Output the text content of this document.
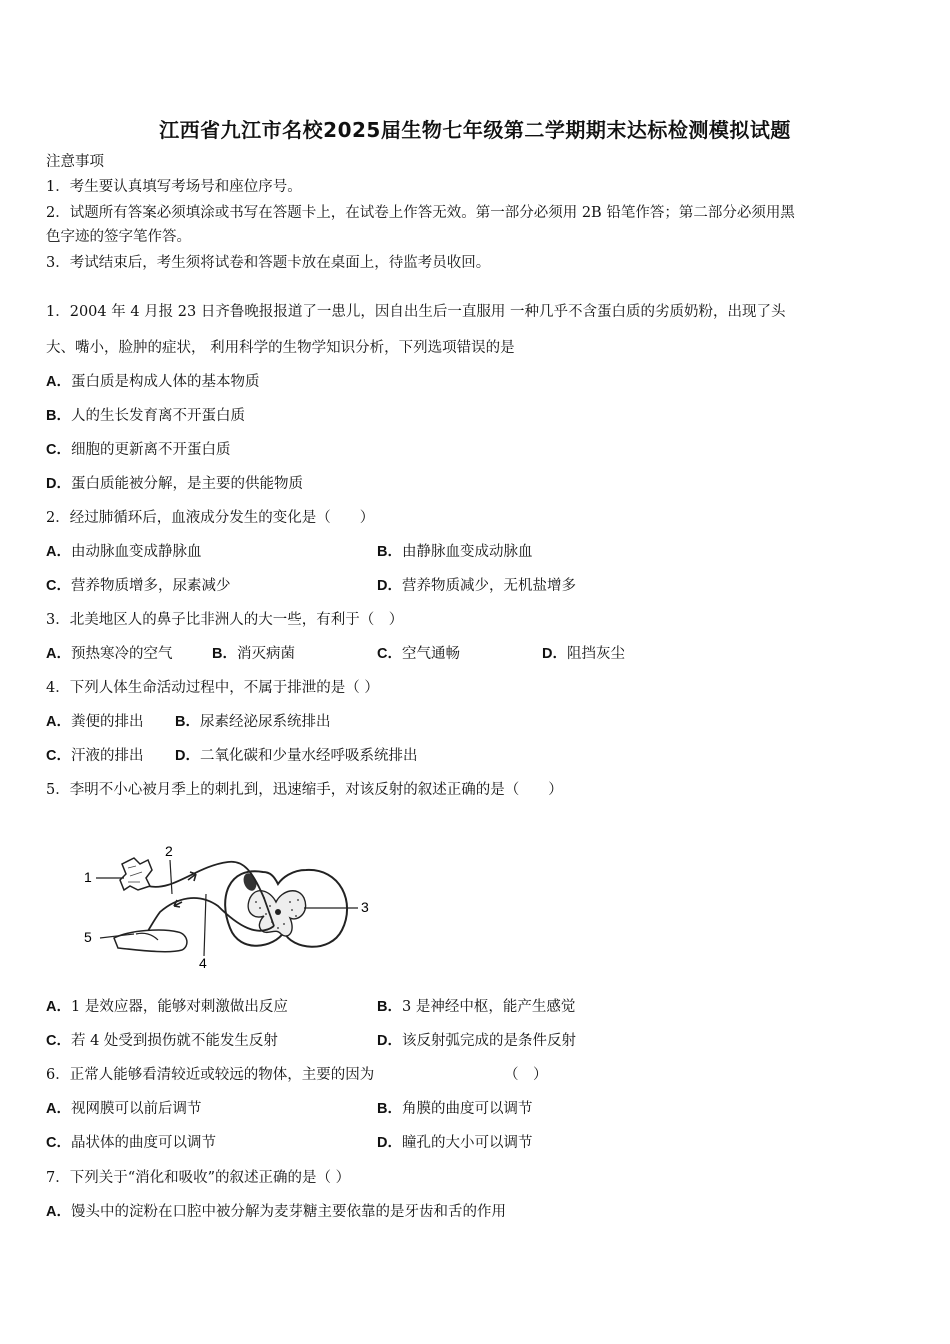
江西省九江市名校2025届生物七年级第二学期期末达标检测模拟试题
注意事项
1．考生要认真填写考场号和座位序号。
2．试题所有答案必须填涂或书写在答题卡上，在试卷上作答无效。第一部分必须用 2B 铅笔作答；第二部分必须用黑
色字迹的签字笔作答。
3．考试结束后，考生须将试卷和答题卡放在桌面上，待监考员收回。
1．2004 年 4 月报 23 日齐鲁晚报报道了一患儿，因自出生后一直服用 一种几乎不含蛋白质的劣质奶粉，出现了头
大、嘴小，脸肿的症状， 利用科学的生物学知识分析，下列选项错误的是
A．蛋白质是构成人体的基本物质
B．人的生长发育离不开蛋白质
C．细胞的更新离不开蛋白质
D．蛋白质能被分解，是主要的供能物质
2．经过肺循环后，血液成分发生的变化是（　　）
A．由动脉血变成静脉血	B．由静脉血变成动脉血
C．营养物质增多，尿素减少	D．营养物质减少，无机盐增多
3．北美地区人的鼻子比非洲人的大一些，有利于（　）
A．预热寒冷的空气	B．消灭病菌	C．空气通畅	D．阻挡灰尘
4．下列人体生命活动过程中，不属于排泄的是（ ）
A．粪便的排出 B．尿素经泌尿系统排出
C．汗液的排出 D．二氧化碳和少量水经呼吸系统排出
5．李明不小心被月季上的刺扎到，迅速缩手，对该反射的叙述正确的是（　　）
1
2
3
4
5
A．1 是效应器，能够对刺激做出反应	B．3 是神经中枢，能产生感觉
C．若 4 处受到损伤就不能发生反射	D．该反射弧完成的是条件反射
6．正常人能够看清较近或较远的物体，主要的因为	（　）
A．视网膜可以前后调节	B．角膜的曲度可以调节
C．晶状体的曲度可以调节	D．瞳孔的大小可以调节
7．下列关于“消化和吸收”的叙述正确的是（ ）
A．馒头中的淀粉在口腔中被分解为麦芽糖主要依靠的是牙齿和舌的作用
